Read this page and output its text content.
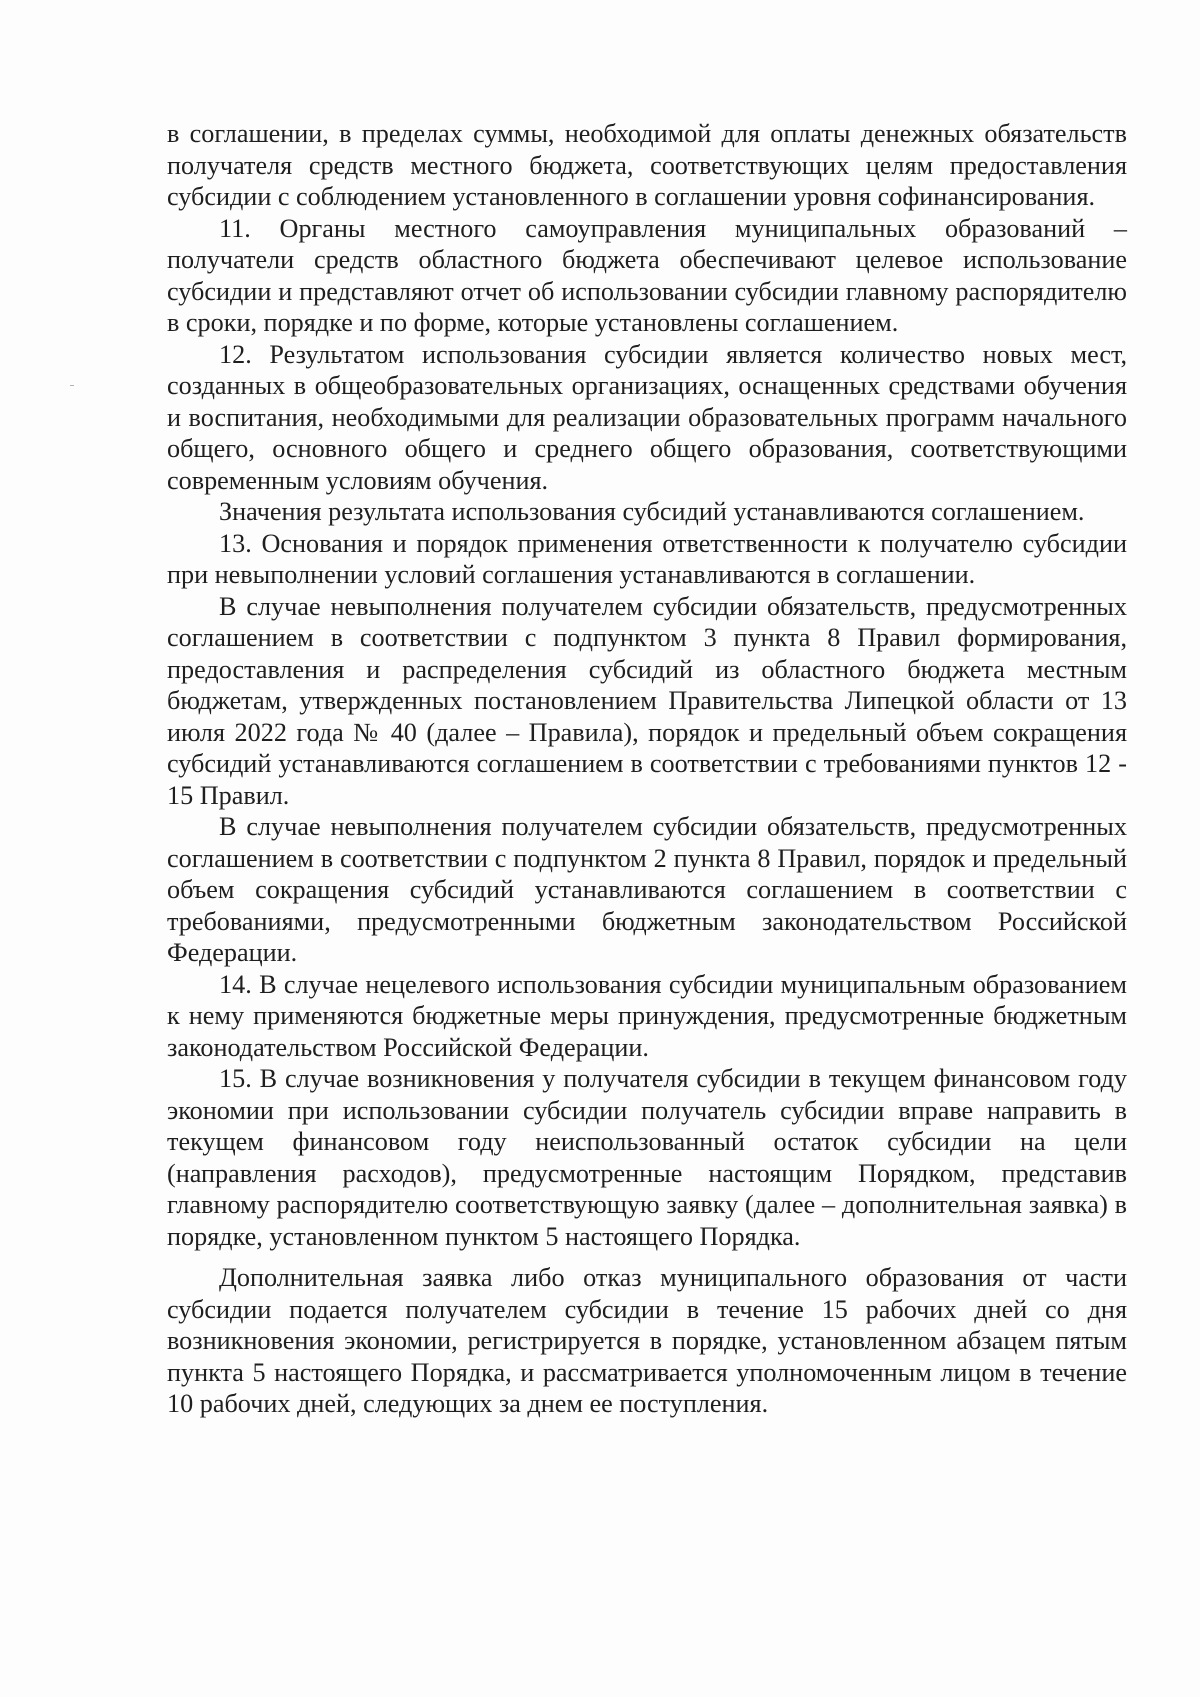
в соглашении, в пределах суммы, необходимой для оплаты денежных обязательств получателя средств местного бюджета, соответствующих целям предоставления субсидии с соблюдением установленного в соглашении уровня софинансирования.

11. Органы местного самоуправления муниципальных образований – получатели средств областного бюджета обеспечивают целевое использование субсидии и представляют отчет об использовании субсидии главному распорядителю в сроки, порядке и по форме, которые установлены соглашением.

12. Результатом использования субсидии является количество новых мест, созданных в общеобразовательных организациях, оснащенных средствами обучения и воспитания, необходимыми для реализации образовательных программ начального общего, основного общего и среднего общего образования, соответствующими современным условиям обучения.

Значения результата использования субсидий устанавливаются соглашением.

13. Основания и порядок применения ответственности к получателю субсидии при невыполнении условий соглашения устанавливаются в соглашении.

В случае невыполнения получателем субсидии обязательств, предусмотренных соглашением в соответствии с подпунктом 3 пункта 8 Правил формирования, предоставления и распределения субсидий из областного бюджета местным бюджетам, утвержденных постановлением Правительства Липецкой области от 13 июля 2022 года № 40 (далее – Правила), порядок и предельный объем сокращения субсидий устанавливаются соглашением в соответствии с требованиями пунктов 12 - 15 Правил.

В случае невыполнения получателем субсидии обязательств, предусмотренных соглашением в соответствии с подпунктом 2 пункта 8 Правил, порядок и предельный объем сокращения субсидий устанавливаются соглашением в соответствии с требованиями, предусмотренными бюджетным законодательством Российской Федерации.

14. В случае нецелевого использования субсидии муниципальным образованием к нему применяются бюджетные меры принуждения, предусмотренные бюджетным законодательством Российской Федерации.

15. В случае возникновения у получателя субсидии в текущем финансовом году экономии при использовании субсидии получатель субсидии вправе направить в текущем финансовом году неиспользованный остаток субсидии на цели (направления расходов), предусмотренные настоящим Порядком, представив главному распорядителю соответствующую заявку (далее – дополнительная заявка) в порядке, установленном пунктом 5 настоящего Порядка.

Дополнительная заявка либо отказ муниципального образования от части субсидии подается получателем субсидии в течение 15 рабочих дней со дня возникновения экономии, регистрируется в порядке, установленном абзацем пятым пункта 5 настоящего Порядка, и рассматривается уполномоченным лицом в течение 10 рабочих дней, следующих за днем ее поступления.
